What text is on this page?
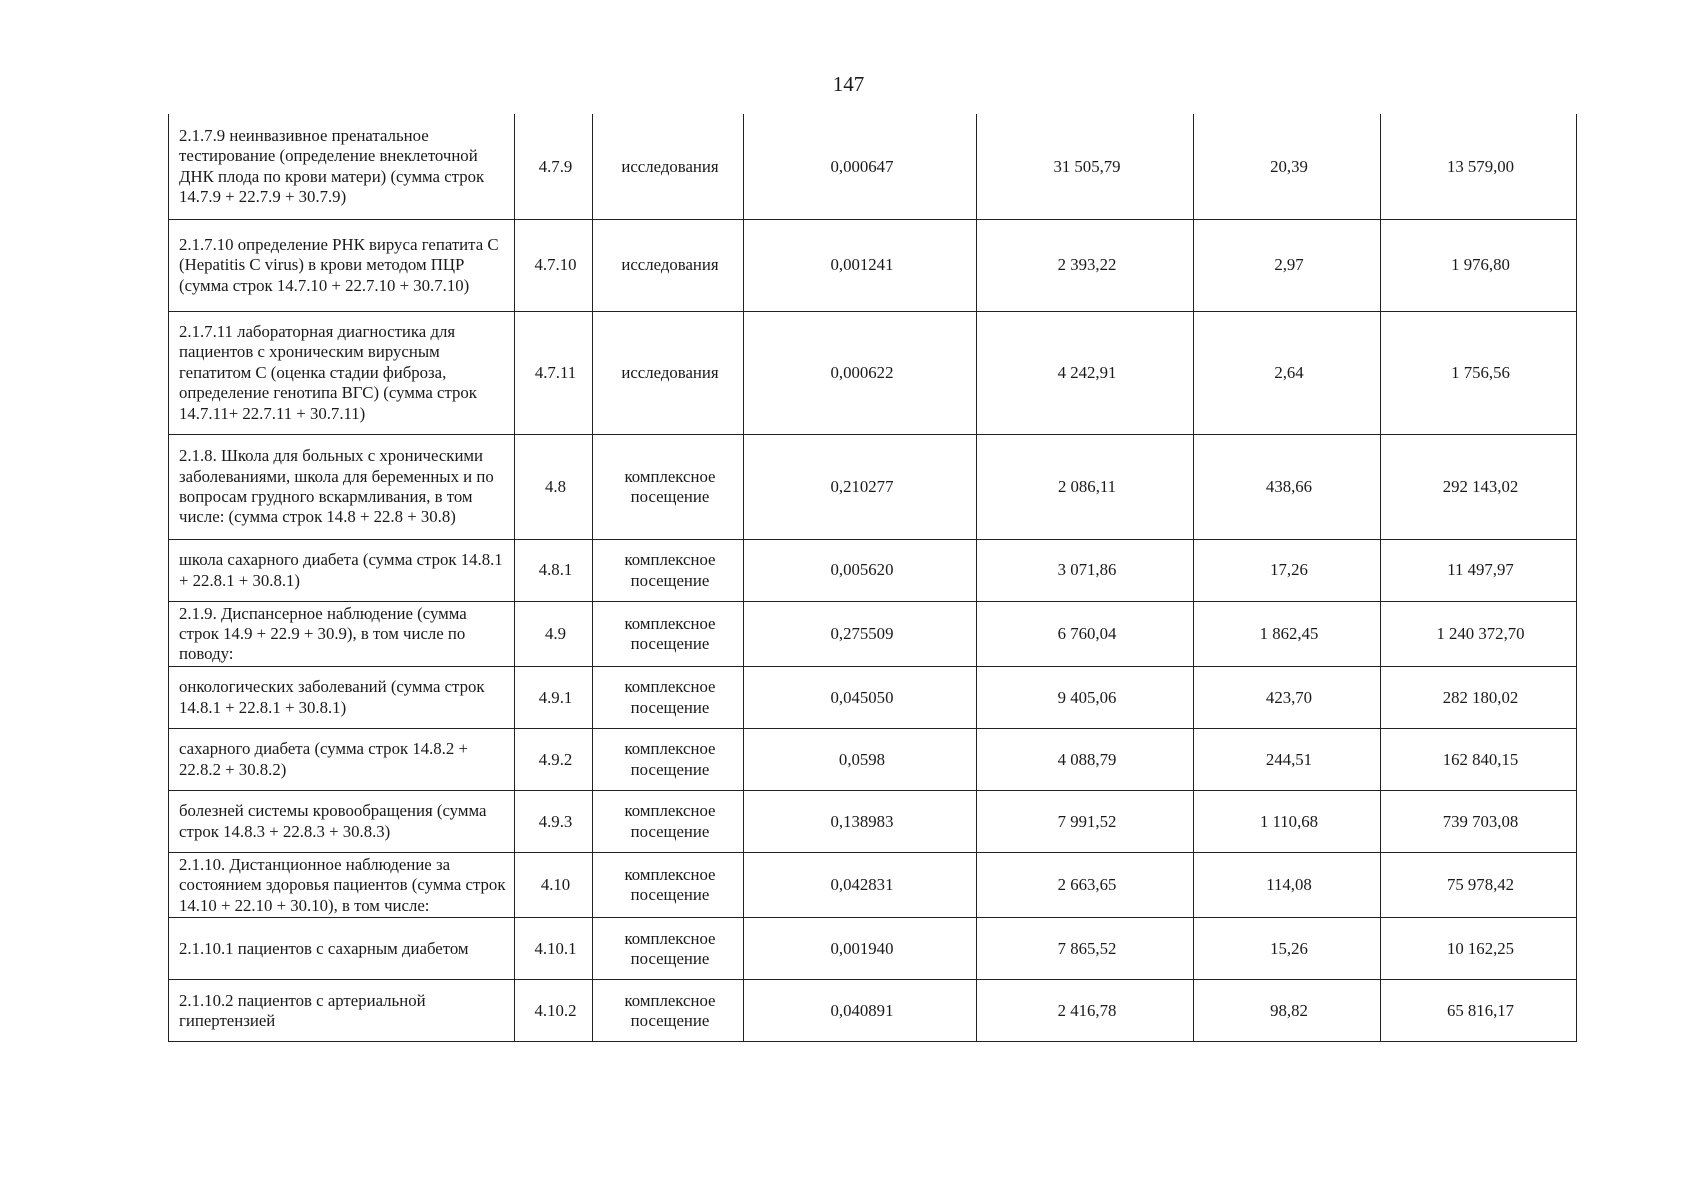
147
2.1.7.9 неинвазивное пренатальное тестирование (определение внеклеточной ДНК плода по крови матери) (сумма строк 14.7.9 + 22.7.9 + 30.7.9)	4.7.9	исследования	0,000647	31 505,79	20,39	13 579,00
2.1.7.10 определение РНК вируса гепатита С (Hepatitis C virus) в крови методом ПЦР (сумма строк 14.7.10 + 22.7.10 + 30.7.10)	4.7.10	исследования	0,001241	2 393,22	2,97	1 976,80
2.1.7.11 лабораторная диагностика для пациентов с хроническим вирусным гепатитом С (оценка стадии фиброза, определение генотипа ВГС) (сумма строк 14.7.11+ 22.7.11 + 30.7.11)	4.7.11	исследования	0,000622	4 242,91	2,64	1 756,56
2.1.8. Школа для больных с хроническими заболеваниями, школа для беременных и по вопросам грудного вскармливания, в том числе: (сумма строк 14.8 + 22.8 + 30.8)	4.8	комплексное посещение	0,210277	2 086,11	438,66	292 143,02
школа сахарного диабета (сумма строк 14.8.1 + 22.8.1 + 30.8.1)	4.8.1	комплексное посещение	0,005620	3 071,86	17,26	11 497,97
2.1.9. Диспансерное наблюдение (сумма строк 14.9 + 22.9 + 30.9), в том числе по поводу:	4.9	комплексное посещение	0,275509	6 760,04	1 862,45	1 240 372,70
онкологических заболеваний (сумма строк 14.8.1 + 22.8.1 + 30.8.1)	4.9.1	комплексное посещение	0,045050	9 405,06	423,70	282 180,02
сахарного диабета (сумма строк 14.8.2 + 22.8.2 + 30.8.2)	4.9.2	комплексное посещение	0,0598	4 088,79	244,51	162 840,15
болезней системы кровообращения (сумма строк 14.8.3 + 22.8.3 + 30.8.3)	4.9.3	комплексное посещение	0,138983	7 991,52	1 110,68	739 703,08
2.1.10. Дистанционное наблюдение за состоянием здоровья пациентов (сумма строк 14.10 + 22.10 + 30.10), в том числе:	4.10	комплексное посещение	0,042831	2 663,65	114,08	75 978,42
2.1.10.1 пациентов с сахарным диабетом	4.10.1	комплексное посещение	0,001940	7 865,52	15,26	10 162,25
2.1.10.2 пациентов с артериальной гипертензией	4.10.2	комплексное посещение	0,040891	2 416,78	98,82	65 816,17
